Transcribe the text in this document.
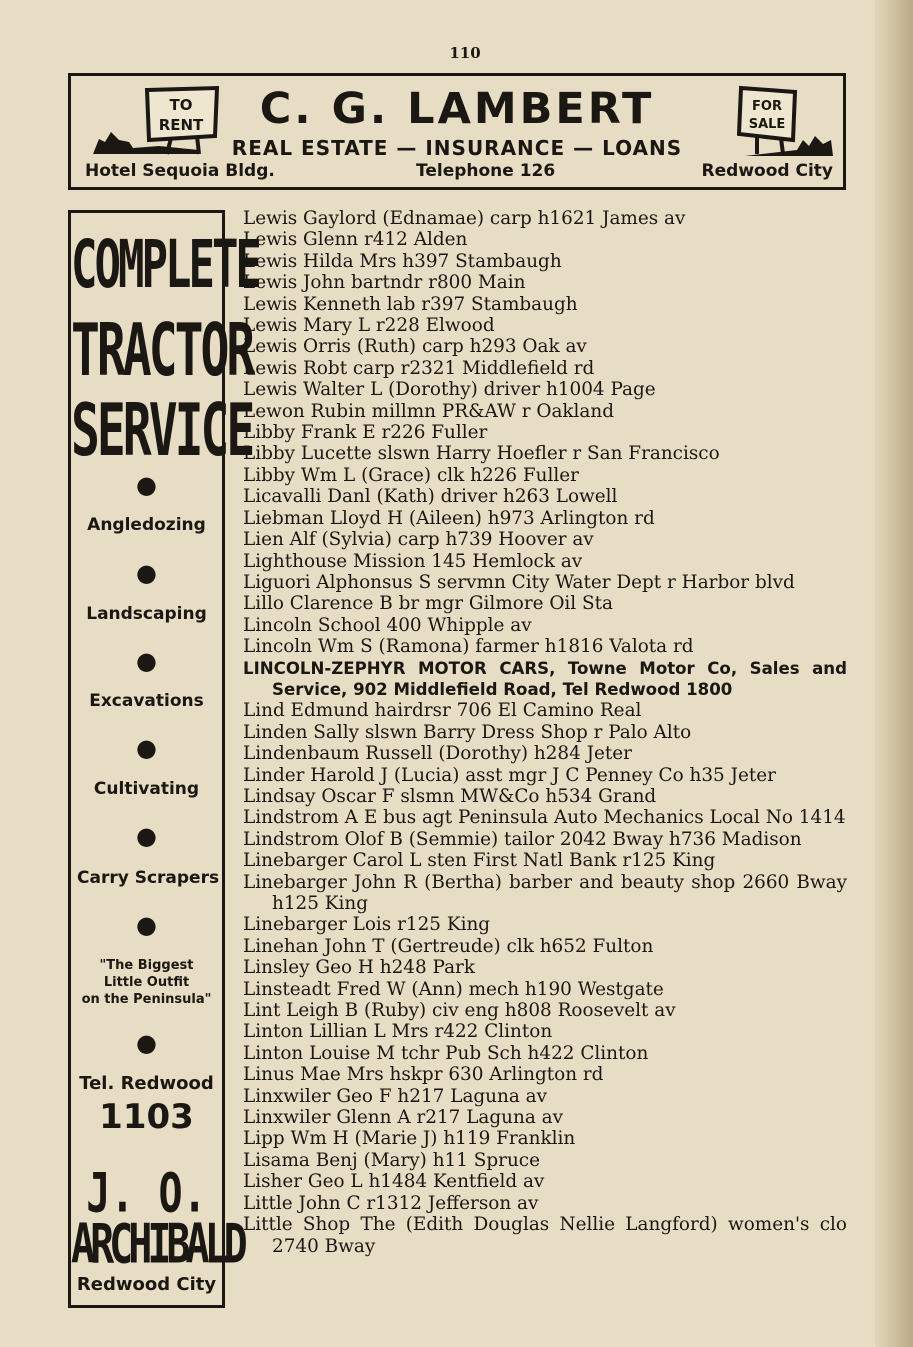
110
TO
RENT	C. G. LAMBERT
REAL ESTATE — INSURANCE — LOANS
FOR
SALE
Hotel Sequoia Bldg.	Telephone 126	Redwood City
COMPLETE
TRACTOR
SERVICE
●
Angledozing
●
Landscaping
●
Excavations
●
Cultivating
●
Carry Scrapers
●
"The Biggest
Little Outfit
on the Peninsula"
●
Tel. Redwood
1103
J. O.
ARCHIBALD
Redwood City
Lewis Gaylord (Ednamae) carp h1621 James av
Lewis Glenn r412 Alden
Lewis Hilda Mrs h397 Stambaugh
Lewis John bartndr r800 Main
Lewis Kenneth lab r397 Stambaugh
Lewis Mary L r228 Elwood
Lewis Orris (Ruth) carp h293 Oak av
Lewis Robt carp r2321 Middlefield rd
Lewis Walter L (Dorothy) driver h1004 Page
Lewon Rubin millmn PR&AW r Oakland
Libby Frank E r226 Fuller
Libby Lucette slswn Harry Hoefler r San Francisco
Libby Wm L (Grace) clk h226 Fuller
Licavalli Danl (Kath) driver h263 Lowell
Liebman Lloyd H (Aileen) h973 Arlington rd
Lien Alf (Sylvia) carp h739 Hoover av
Lighthouse Mission 145 Hemlock av
Liguori Alphonsus S servmn City Water Dept r Harbor blvd
Lillo Clarence B br mgr Gilmore Oil Sta
Lincoln School 400 Whipple av
Lincoln Wm S (Ramona) farmer h1816 Valota rd
LINCOLN-ZEPHYR MOTOR CARS, Towne Motor Co, Sales and Service, 902 Middlefield Road, Tel Redwood 1800
Lind Edmund hairdrsr 706 El Camino Real
Linden Sally slswn Barry Dress Shop r Palo Alto
Lindenbaum Russell (Dorothy) h284 Jeter
Linder Harold J (Lucia) asst mgr J C Penney Co h35 Jeter
Lindsay Oscar F slsmn MW&Co h534 Grand
Lindstrom A E bus agt Peninsula Auto Mechanics Local No 1414
Lindstrom Olof B (Semmie) tailor 2042 Bway h736 Madison
Linebarger Carol L sten First Natl Bank r125 King
Linebarger John R (Bertha) barber and beauty shop 2660 Bway h125 King
Linebarger Lois r125 King
Linehan John T (Gertreude) clk h652 Fulton
Linsley Geo H h248 Park
Linsteadt Fred W (Ann) mech h190 Westgate
Lint Leigh B (Ruby) civ eng h808 Roosevelt av
Linton Lillian L Mrs r422 Clinton
Linton Louise M tchr Pub Sch h422 Clinton
Linus Mae Mrs hskpr 630 Arlington rd
Linxwiler Geo F h217 Laguna av
Linxwiler Glenn A r217 Laguna av
Lipp Wm H (Marie J) h119 Franklin
Lisama Benj (Mary) h11 Spruce
Lisher Geo L h1484 Kentfield av
Little John C r1312 Jefferson av
Little Shop The (Edith Douglas Nellie Langford) women's clo 2740 Bway
